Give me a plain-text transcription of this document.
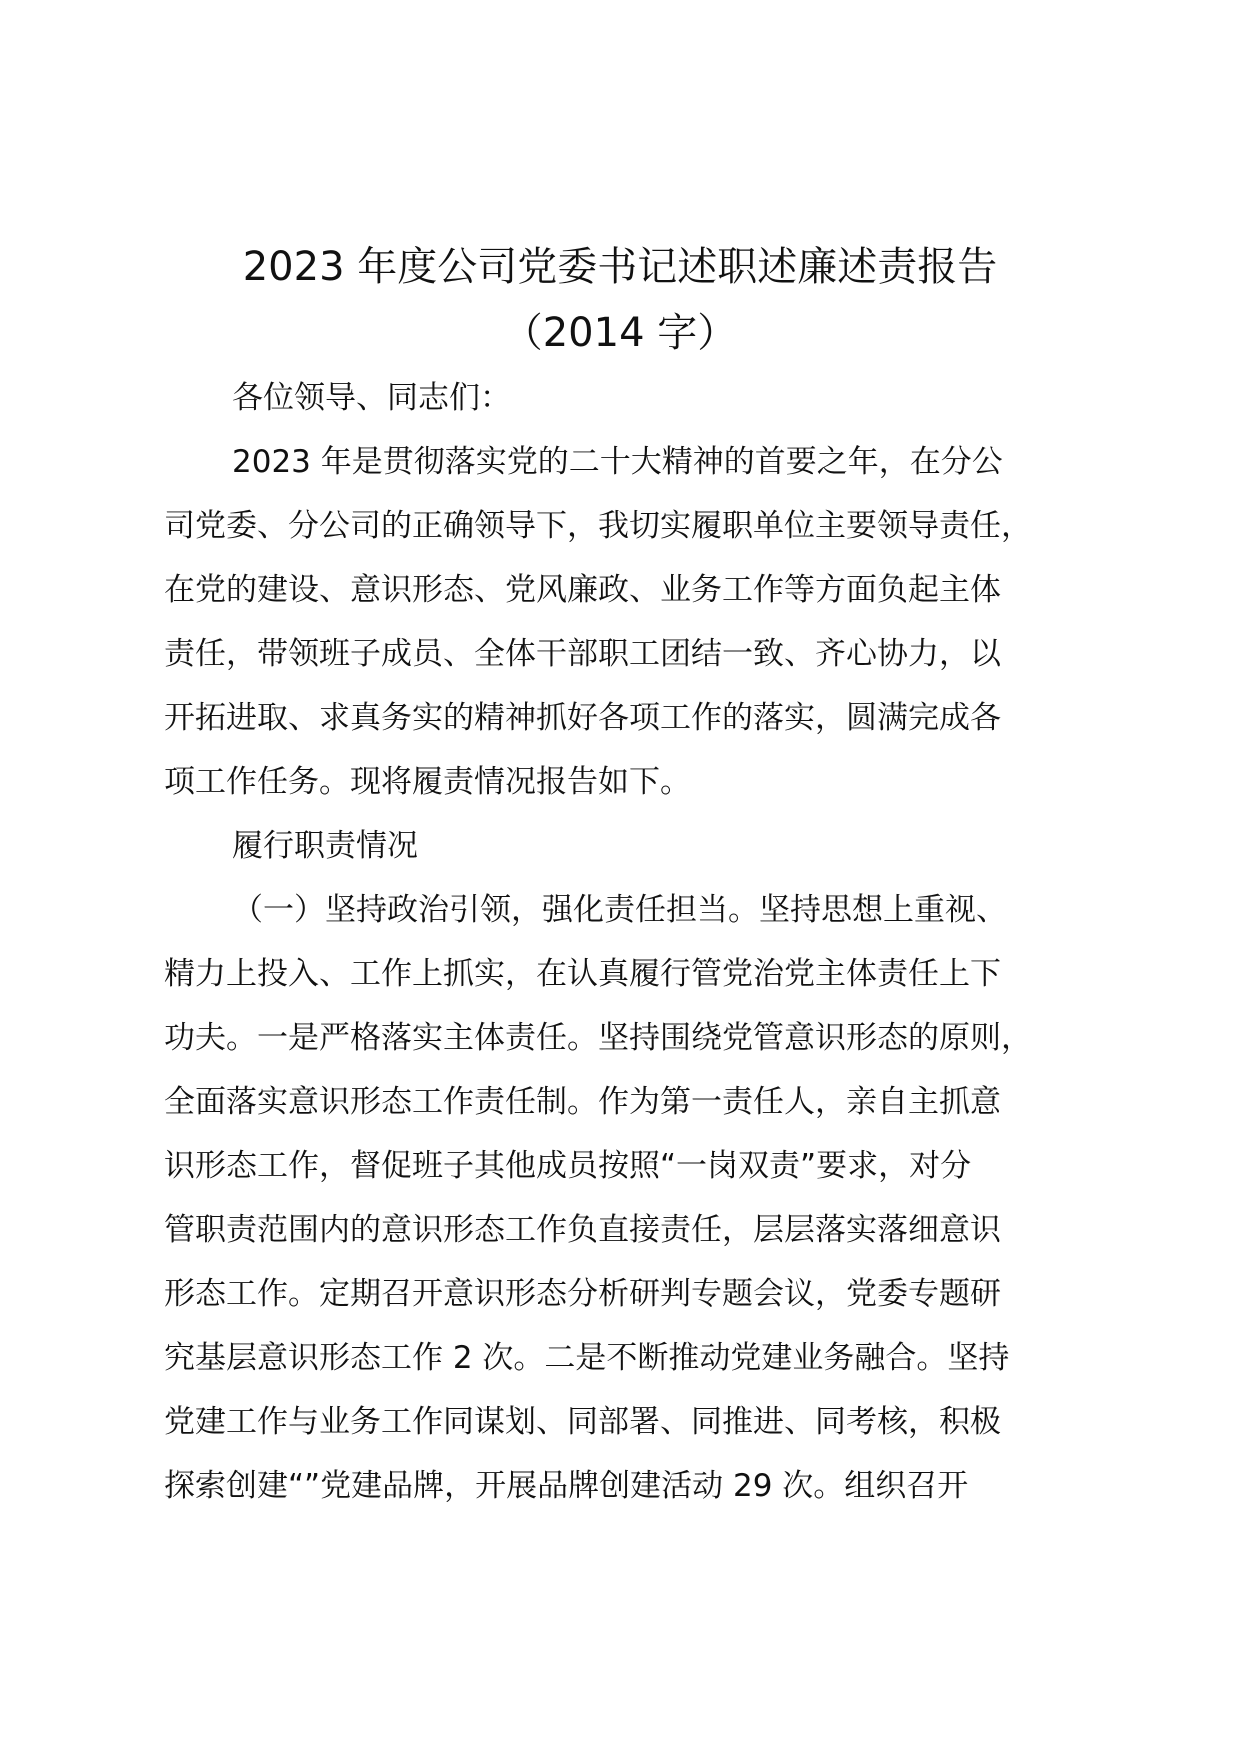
2023 年度公司党委书记述职述廉述责报告
（2014 字）

各位领导、同志们：

2023 年是贯彻落实党的二十大精神的首要之年，在分公

司党委、分公司的正确领导下，我切实履职单位主要领导责任，

在党的建设、意识形态、党风廉政、业务工作等方面负起主体

责任，带领班子成员、全体干部职工团结一致、齐心协力，以

开拓进取、求真务实的精神抓好各项工作的落实，圆满完成各

项工作任务。现将履责情况报告如下。

履行职责情况

（一）坚持政治引领，强化责任担当。坚持思想上重视、

精力上投入、工作上抓实，在认真履行管党治党主体责任上下

功夫。一是严格落实主体责任。坚持围绕党管意识形态的原则，

全面落实意识形态工作责任制。作为第一责任人，亲自主抓意

识形态工作，督促班子其他成员按照“一岗双责”要求，对分

管职责范围内的意识形态工作负直接责任，层层落实落细意识

形态工作。定期召开意识形态分析研判专题会议，党委专题研

究基层意识形态工作 2 次。二是不断推动党建业务融合。坚持

党建工作与业务工作同谋划、同部署、同推进、同考核，积极

探索创建“”党建品牌，开展品牌创建活动 29 次。组织召开
